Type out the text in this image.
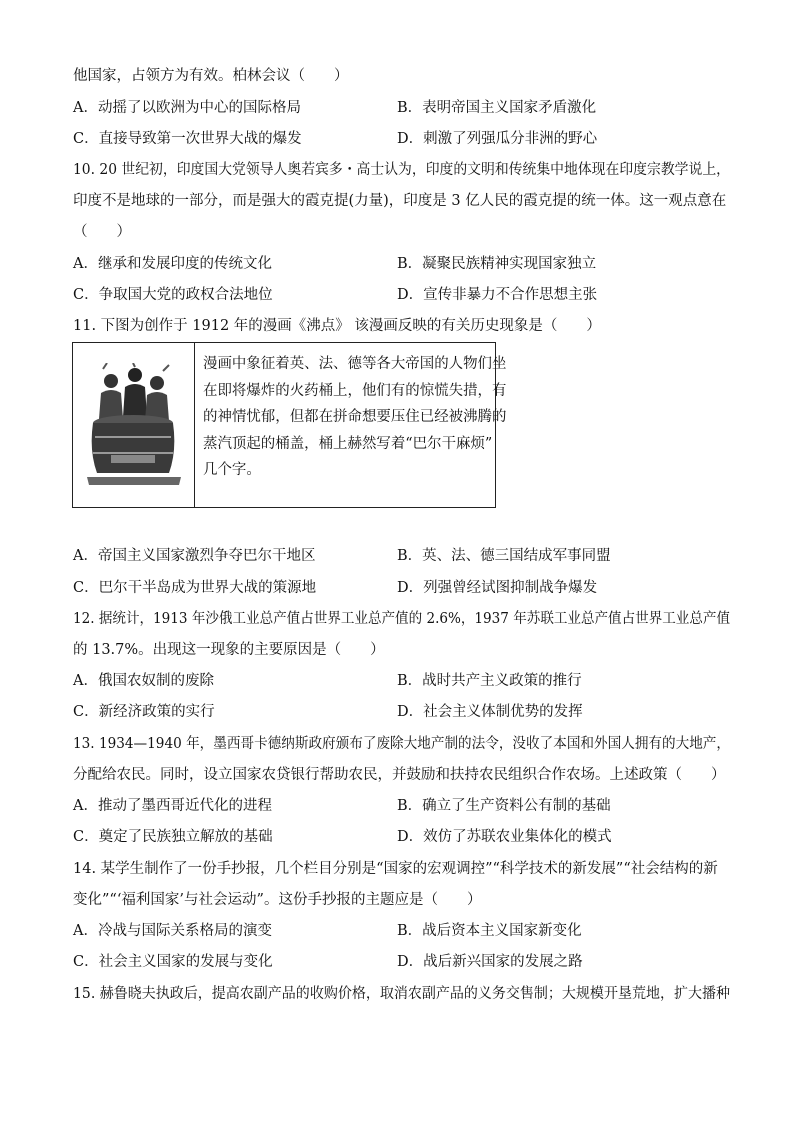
他国家，占领方为有效。柏林会议（　　）
A．动摇了以欧洲为中心的国际格局	B．表明帝国主义国家矛盾激化
C．直接导致第一次世界大战的爆发	D．刺激了列强瓜分非洲的野心
10. 20 世纪初，印度国大党领导人奥若宾多・高士认为，印度的文明和传统集中地体现在印度宗教学说上，
印度不是地球的一部分，而是强大的霞克提(力量)，印度是 3 亿人民的霞克提的统一体。这一观点意在
（　　）
A．继承和发展印度的传统文化	B．凝聚民族精神实现国家独立
C．争取国大党的政权合法地位	D．宣传非暴力不合作思想主张
11. 下图为创作于 1912 年的漫画《沸点》 该漫画反映的有关历史现象是（　　）
漫画中象征着英、法、德等各大帝国的人物们坐
在即将爆炸的火药桶上，他们有的惊慌失措，有
的神情忧郁，但都在拼命想要压住已经被沸腾的
蒸汽顶起的桶盖，桶上赫然写着“巴尔干麻烦”
几个字。
A．帝国主义国家激烈争夺巴尔干地区	B．英、法、德三国结成军事同盟
C．巴尔干半岛成为世界大战的策源地	D．列强曾经试图抑制战争爆发
12. 据统计，1913 年沙俄工业总产值占世界工业总产值的 2.6%，1937 年苏联工业总产值占世界工业总产值
的 13.7%。出现这一现象的主要原因是（　　）
A．俄国农奴制的废除	B．战时共产主义政策的推行
C．新经济政策的实行	D．社会主义体制优势的发挥
13. 1934—1940 年，墨西哥卡德纳斯政府颁布了废除大地产制的法令，没收了本国和外国人拥有的大地产，
分配给农民。同时，设立国家农贷银行帮助农民，并鼓励和扶持农民组织合作农场。上述政策（　　）
A．推动了墨西哥近代化的进程	B．确立了生产资料公有制的基础
C．奠定了民族独立解放的基础	D．效仿了苏联农业集体化的模式
14. 某学生制作了一份手抄报，几个栏目分别是“国家的宏观调控”“科学技术的新发展”“社会结构的新
变化”“‘福利国家’与社会运动”。这份手抄报的主题应是（　　）
A．冷战与国际关系格局的演变	B．战后资本主义国家新变化
C．社会主义国家的发展与变化	D．战后新兴国家的发展之路
15. 赫鲁晓夫执政后，提高农副产品的收购价格，取消农副产品的义务交售制；大规模开垦荒地，扩大播种
